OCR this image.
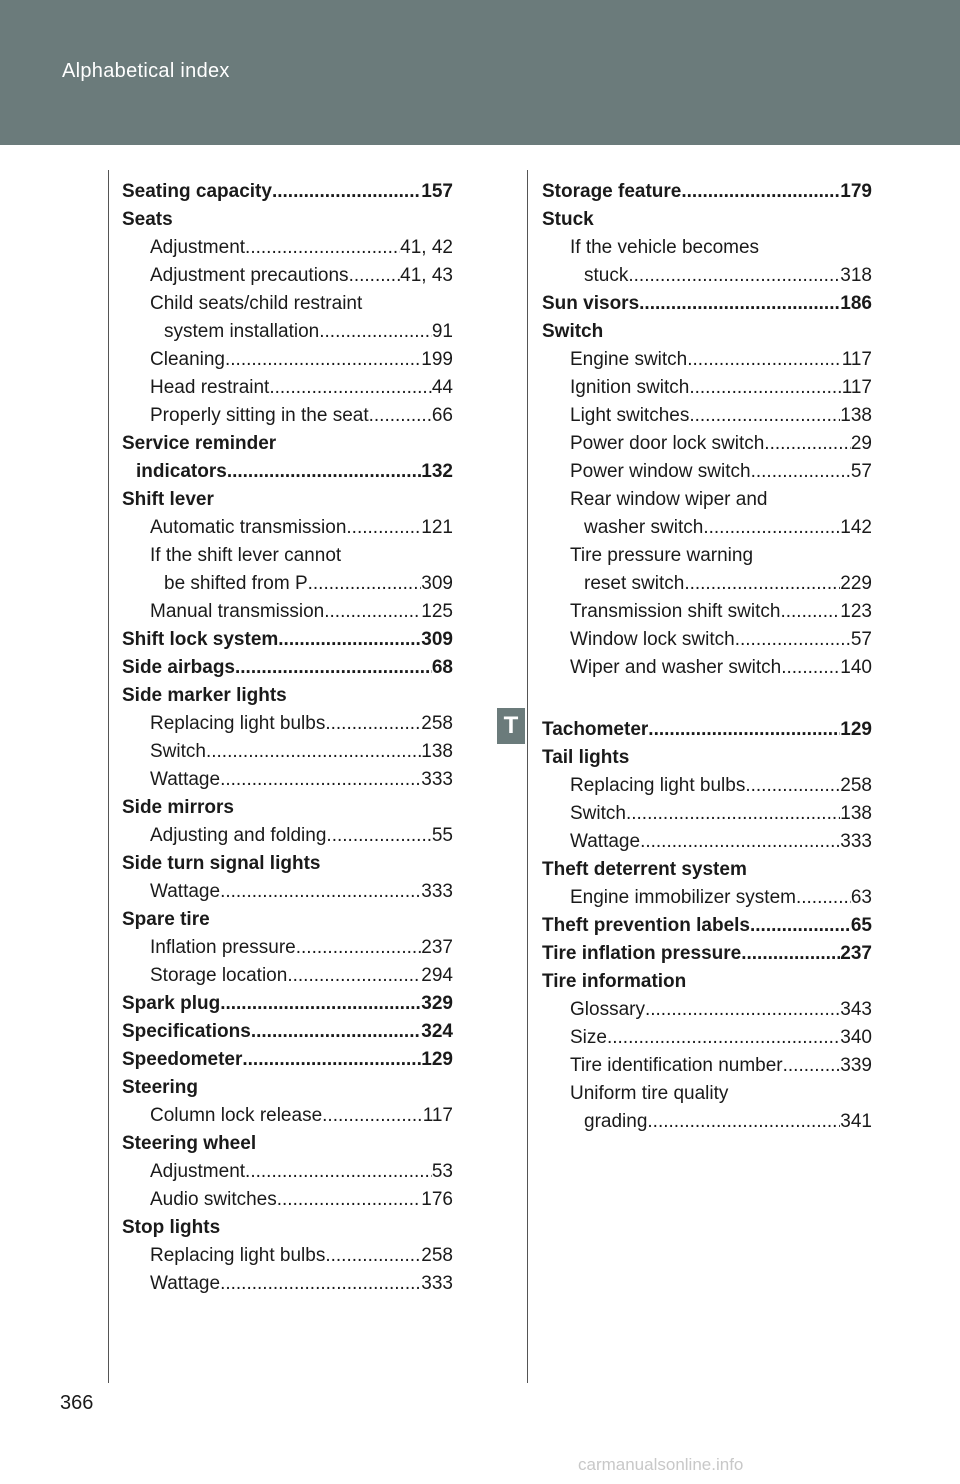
Alphabetical index
Seating capacity .....	157
Seats
Adjustment .....	41, 42
Adjustment precautions .....	41, 43
Child seats/child restraint
system installation .....	91
Cleaning .....	199
Head restraint .....	44
Properly sitting in the seat .....	66
Service reminder
indicators .....	132
Shift lever
Automatic transmission .....	121
If the shift lever cannot
be shifted from P .....	309
Manual transmission .....	125
Shift lock system .....	309
Side airbags .....	68
Side marker lights
Replacing light bulbs .....	258
Switch .....	138
Wattage .....	333
Side mirrors
Adjusting and folding .....	55
Side turn signal lights
Wattage .....	333
Spare tire
Inflation pressure .....	237
Storage location .....	294
Spark plug .....	329
Specifications .....	324
Speedometer .....	129
Steering
Column lock release .....	117
Steering wheel
Adjustment .....	53
Audio switches .....	176
Stop lights
Replacing light bulbs .....	258
Wattage .....	333
Storage feature .....	179
Stuck
If the vehicle becomes
stuck .....	318
Sun visors .....	186
Switch
Engine switch .....	117
Ignition switch .....	117
Light switches .....	138
Power door lock switch .....	29
Power window switch .....	57
Rear window wiper and
washer switch .....	142
Tire pressure warning
reset switch .....	229
Transmission shift switch .....	123
Window lock switch .....	57
Wiper and washer switch .....	140
Tachometer .....	129
Tail lights
Replacing light bulbs .....	258
Switch .....	138
Wattage .....	333
Theft deterrent system
Engine immobilizer system .....	63
Theft prevention labels .....	65
Tire inflation pressure .....	237
Tire information
Glossary .....	343
Size .....	340
Tire identification number .....	339
Uniform tire quality
grading .....	341
T
366
carmanualsonline.info
